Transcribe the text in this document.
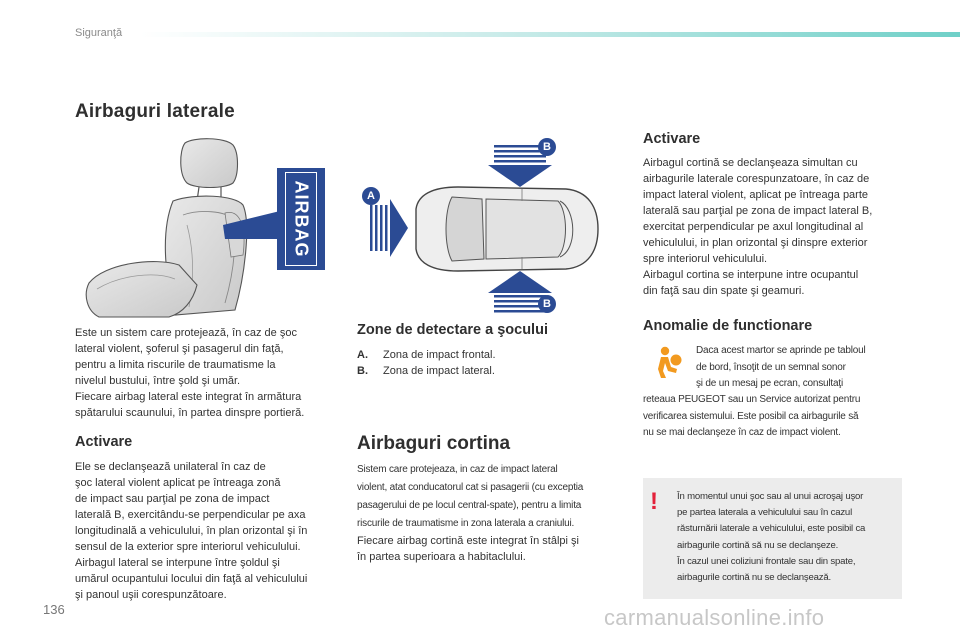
Siguranţă
Airbaguri laterale
AIRBAG

Este un sistem care protejează, în caz de şoc

lateral violent, şoferul şi pasagerul din faţă,

pentru a limita riscurile de traumatisme la

nivelul bustului, între şold şi umăr.

Fiecare airbag lateral este integrat în armătura

spătarului scaunului, în partea dinspre portieră.

Activare

Ele se declanşează unilateral în caz de

şoc lateral violent aplicat pe întreaga zonă

de impact sau parţial pe zona de impact

laterală B, exercitându-se perpendicular pe axa

longitudinală a vehiculului, în plan orizontal şi în

sensul de la exterior spre interiorul vehiculului.

Airbagul lateral se interpune între şoldul şi

umărul ocupantului locului din faţă al vehiculului

şi panoul uşii corespunzătoare.

A
B
B
Zone de detectare a şocului
A. Zona de impact frontal.
B. Zona de impact lateral.
Airbaguri cortina

Sistem care protejeaza, in caz de impact lateral

violent, atat conducatorul cat si pasagerii (cu exceptia

pasagerului de pe locul central-spate), pentru a limita

riscurile de traumatisme in zona laterala a craniului.

Fiecare airbag cortină este integrat în stâlpi şi

în partea superioara a habitaclului.

Activare

Airbagul cortină se declanşeaza simultan cu

airbagurile laterale corespunzatoare, în caz de

impact lateral violent, aplicat pe întreaga parte

laterală sau parţial pe zona de impact lateral B,

exercitat perpendicular pe axul longitudinal al

vehiculului, in plan orizontal şi dinspre exterior

spre interiorul vehiculului.

Airbagul cortina se interpune intre ocupantul

din faţă sau din spate şi geamuri.

Anomalie de functionare

Daca acest martor se aprinde pe tabloul

de bord, însoţit de un semnal sonor

şi de un mesaj pe ecran, consultaţi

reteaua PEUGEOT sau un Service autorizat pentru

verificarea sistemului. Este posibil ca airbagurile să

nu se mai declanşeze în caz de impact violent.

! În momentul unui şoc sau al unui acroşaj uşor

pe partea laterala a vehiculului sau în cazul

răsturnării laterale a vehiculului, este posibil ca

airbagurile cortină să nu se declanşeze.

În cazul unei coliziuni frontale sau din spate,

airbagurile cortină nu se declanşează.

136	carmanualsonline.info
